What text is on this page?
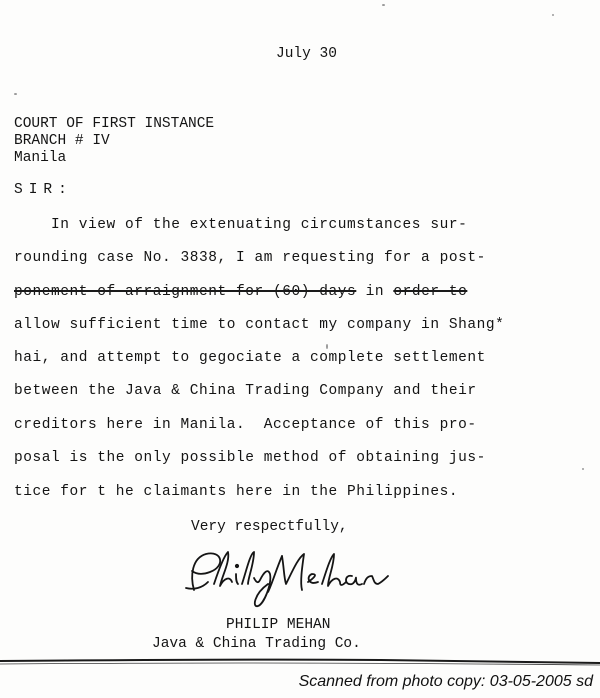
July 30
COURT OF FIRST INSTANCE
BRANCH # IV
Manila
SIR:
In view of the extenuating circumstances sur-
rounding case No. 3838, I am requesting for a post-
ponement of arraignment for (60) days in order to
allow sufficient time to contact my company in Shang*
hai, and attempt to gegociate a complete settlement
between the Java & China Trading Company and their
creditors here in Manila.  Acceptance of this pro-
posal is the only possible method of obtaining jus-
tice for t he claimants here in the Philippines.
Very respectfully,
PHILIP MEHAN
Java & China Trading Co.
Scanned from photo copy: 03-05-2005 sd
